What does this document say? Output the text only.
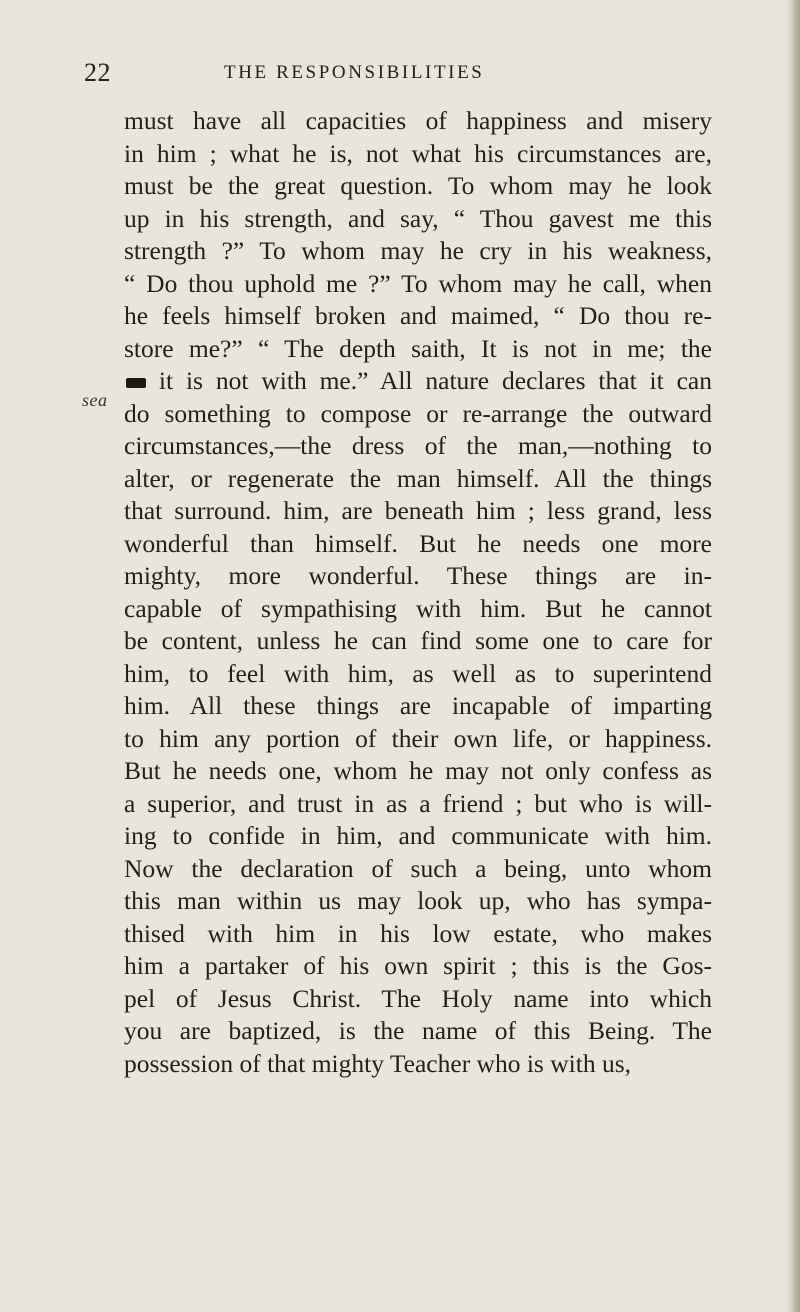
22	THE RESPONSIBILITIES
sea
must have all capacities of happiness and misery
in him ; what he is, not what his circumstances are,
must be the great question. To whom may he look
up in his strength, and say, “ Thou gavest me this
strength ?” To whom may he cry in his weakness,
“ Do thou uphold me ?” To whom may he call, when
he feels himself broken and maimed, “ Do thou re-
store me?” “ The depth saith, It is not in me; the
it is not with me.” All nature declares that it can
do something to compose or re-arrange the outward
circumstances,—the dress of the man,—nothing to
alter, or regenerate the man himself. All the things
that surround. him, are beneath him ; less grand, less
wonderful than himself. But he needs one more
mighty, more wonderful. These things are in-
capable of sympathising with him. But he cannot
be content, unless he can find some one to care for
him, to feel with him, as well as to superintend
him. All these things are incapable of imparting
to him any portion of their own life, or happiness.
But he needs one, whom he may not only confess as
a superior, and trust in as a friend ; but who is will-
ing to confide in him, and communicate with him.
Now the declaration of such a being, unto whom
this man within us may look up, who has sympa-
thised with him in his low estate, who makes
him a partaker of his own spirit ; this is the Gos-
pel of Jesus Christ. The Holy name into which
you are baptized, is the name of this Being. The
possession of that mighty Teacher who is with us,
